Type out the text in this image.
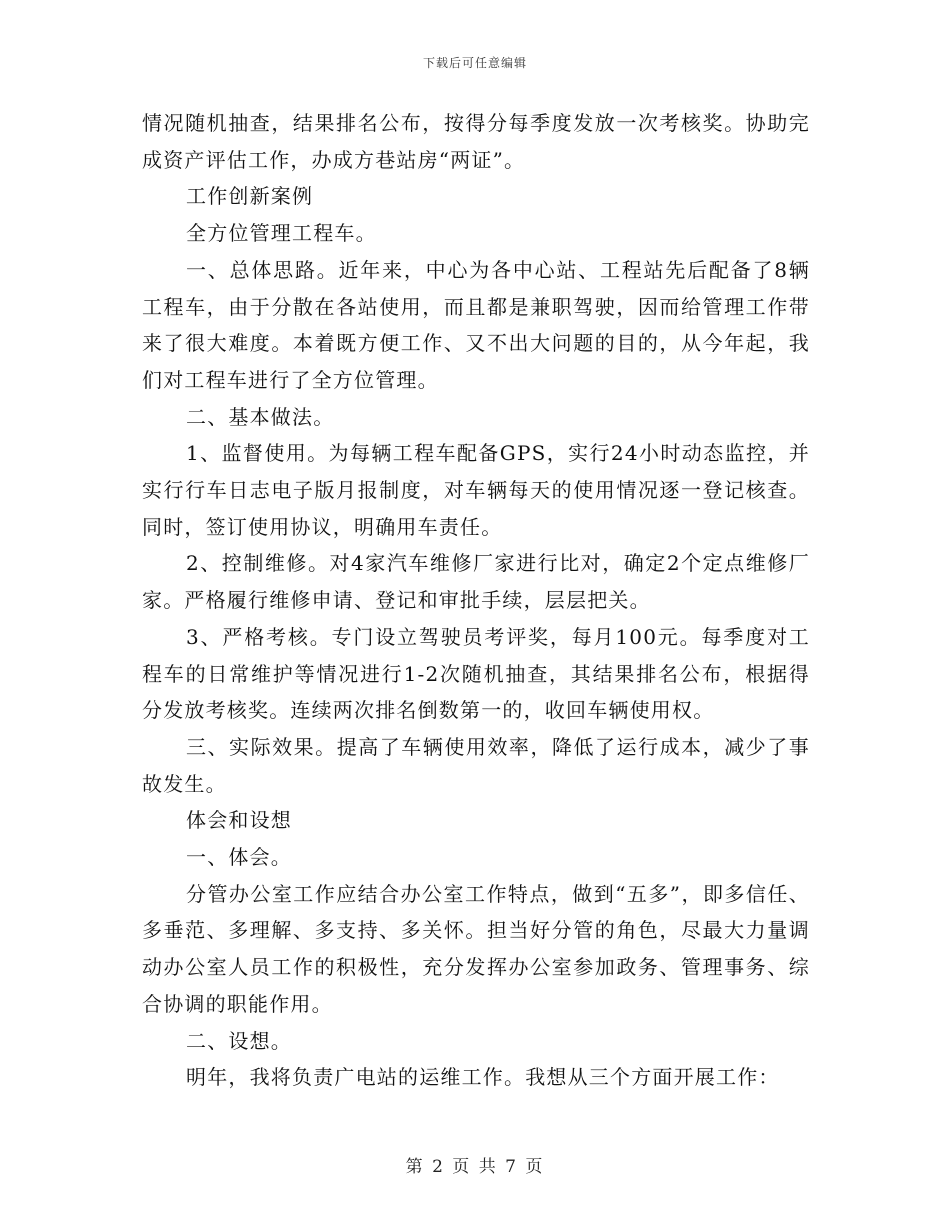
下载后可任意编辑

情况随机抽查，结果排名公布，按得分每季度发放一次考核奖。协助完成资产评估工作，办成方巷站房“两证”。

工作创新案例

全方位管理工程车。

一、总体思路。近年来，中心为各中心站、工程站先后配备了8辆工程车，由于分散在各站使用，而且都是兼职驾驶，因而给管理工作带来了很大难度。本着既方便工作、又不出大问题的目的，从今年起，我们对工程车进行了全方位管理。

二、基本做法。

1、监督使用。为每辆工程车配备GPS，实行24小时动态监控，并实行行车日志电子版月报制度，对车辆每天的使用情况逐一登记核查。同时，签订使用协议，明确用车责任。

2、控制维修。对4家汽车维修厂家进行比对，确定2个定点维修厂家。严格履行维修申请、登记和审批手续，层层把关。

3、严格考核。专门设立驾驶员考评奖，每月100元。每季度对工程车的日常维护等情况进行1-2次随机抽查，其结果排名公布，根据得分发放考核奖。连续两次排名倒数第一的，收回车辆使用权。

三、实际效果。提高了车辆使用效率，降低了运行成本，减少了事故发生。

体会和设想

一、体会。

分管办公室工作应结合办公室工作特点，做到“五多”，即多信任、多垂范、多理解、多支持、多关怀。担当好分管的角色，尽最大力量调动办公室人员工作的积极性，充分发挥办公室参加政务、管理事务、综合协调的职能作用。

二、设想。

明年，我将负责广电站的运维工作。我想从三个方面开展工作：

第 2 页 共 7 页
